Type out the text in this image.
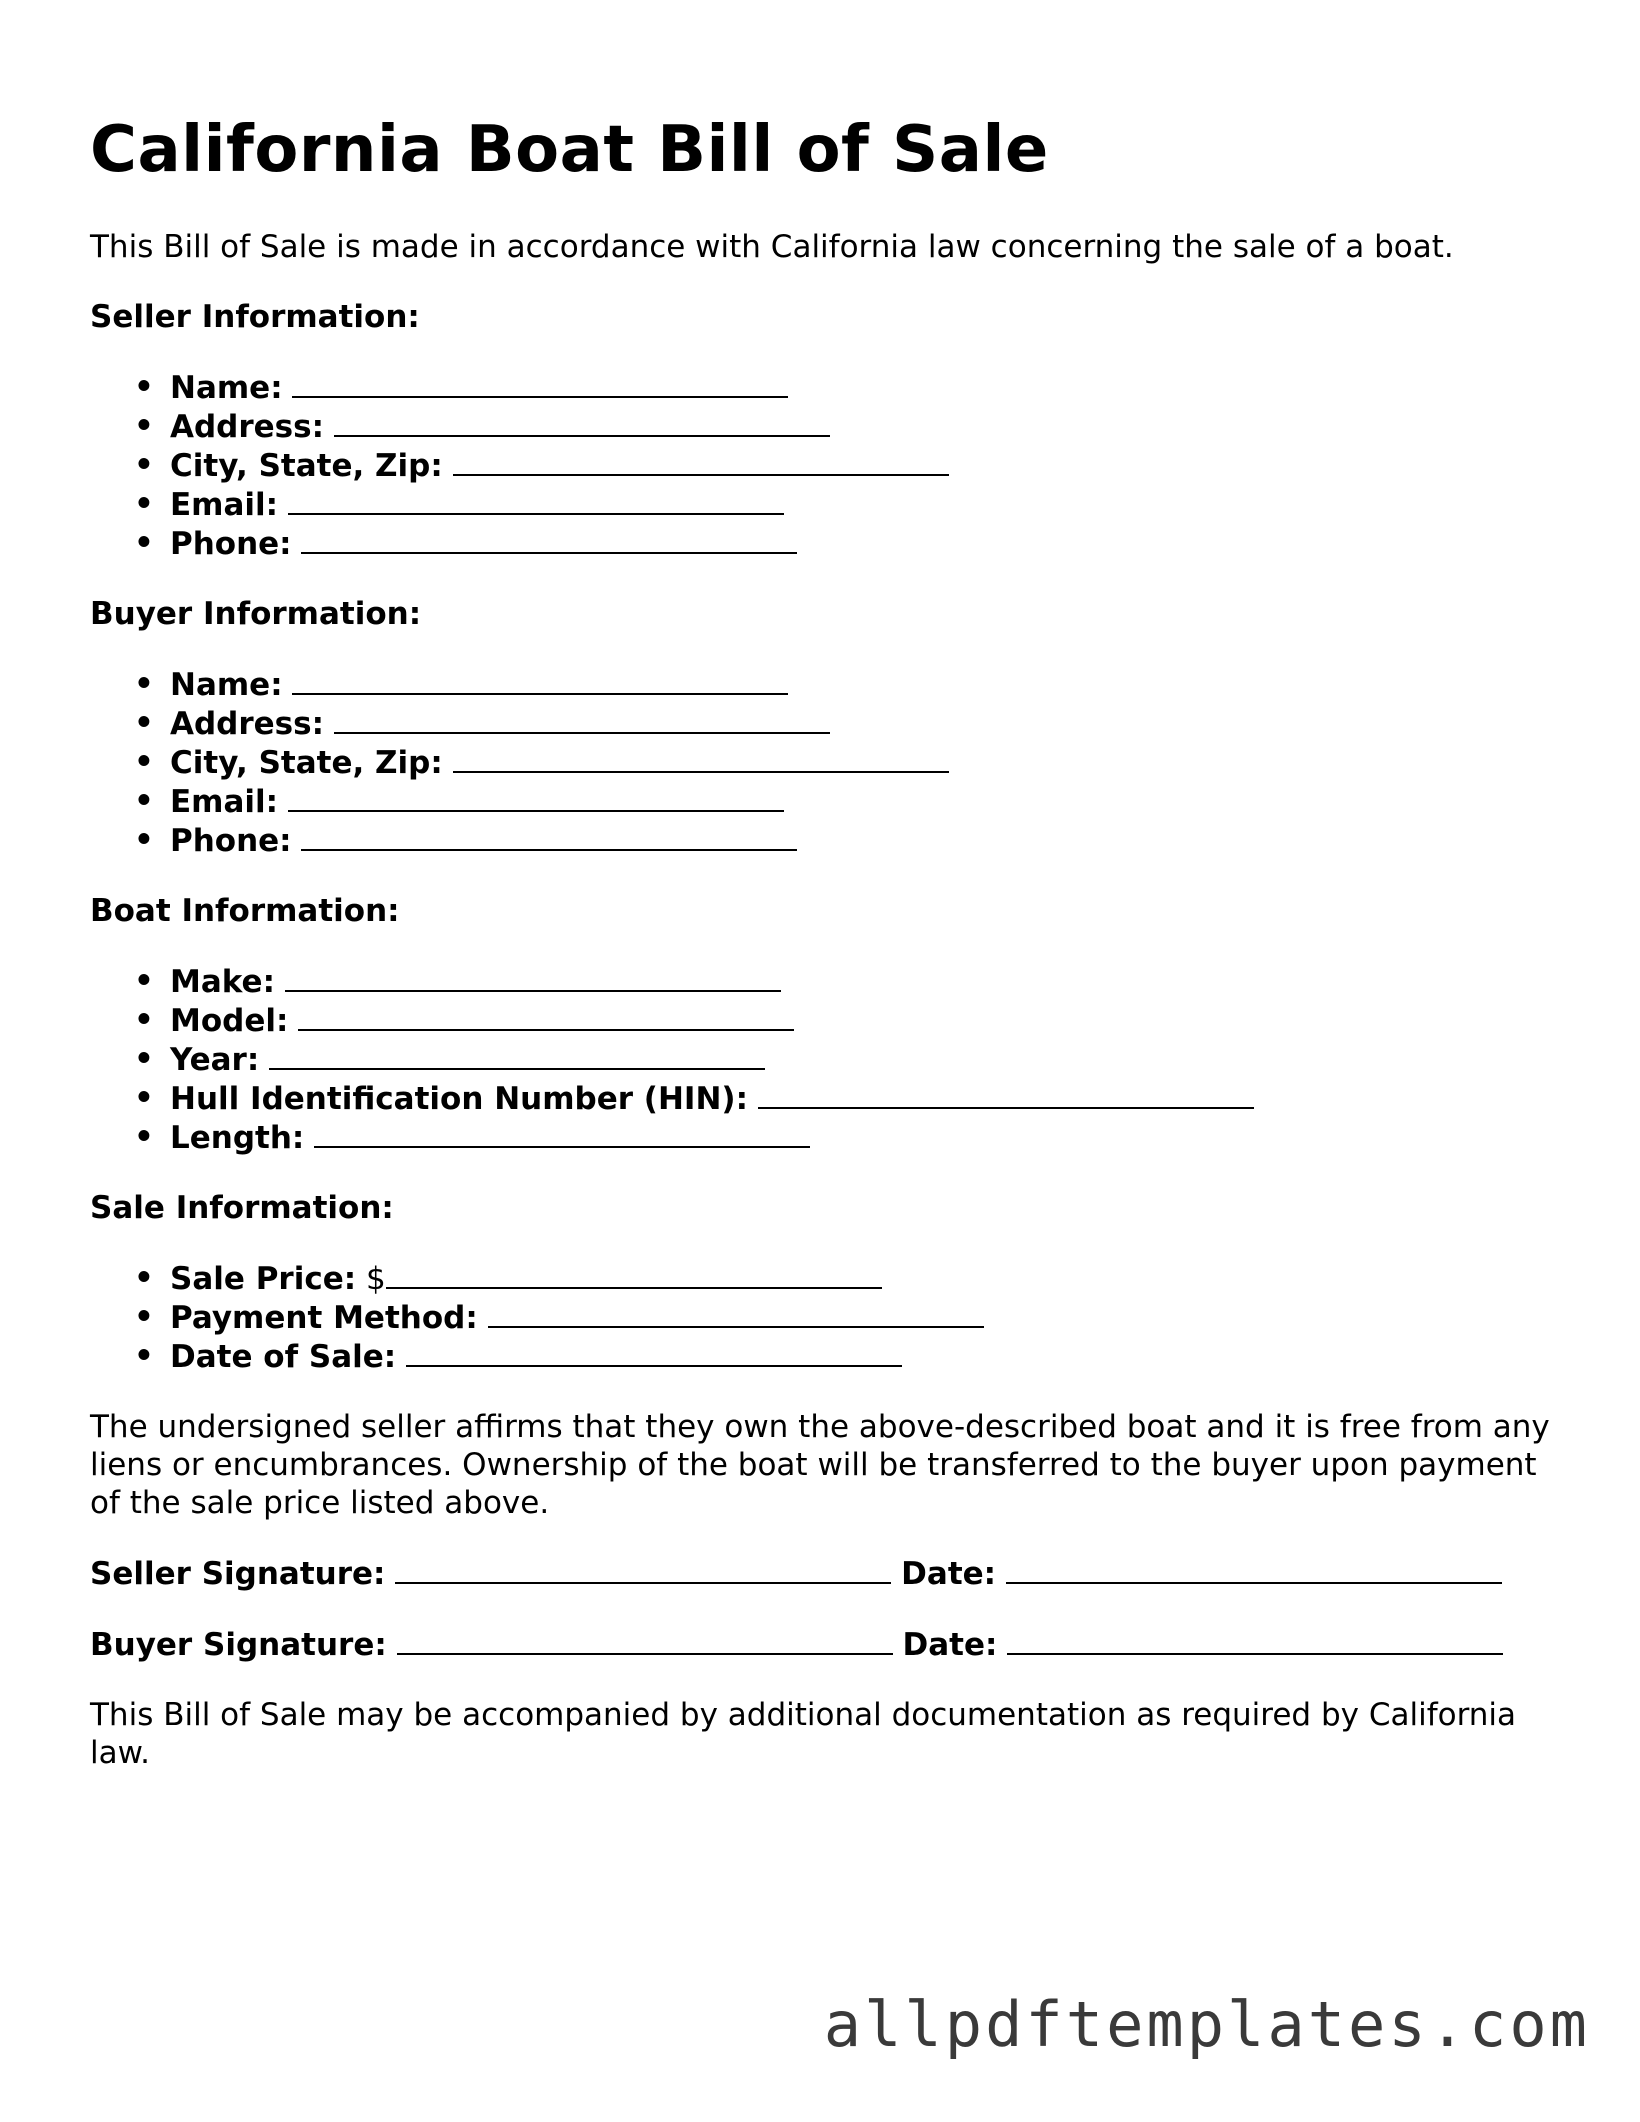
California Boat Bill of Sale

This Bill of Sale is made in accordance with California law concerning the sale of a boat.

Seller Information:
• Name:
• Address:
• City, State, Zip:
• Email:
• Phone:
Buyer Information:
• Name:
• Address:
• City, State, Zip:
• Email:
• Phone:
Boat Information:
• Make:
• Model:
• Year:
• Hull Identification Number (HIN):
• Length:
Sale Information:
• Sale Price: $
• Payment Method:
• Date of Sale:

The undersigned seller affirms that they own the above-described boat and it is free from any liens or encumbrances. Ownership of the boat will be transferred to the buyer upon payment of the sale price listed above.

Seller Signature:	Date:
Buyer Signature:	Date:

This Bill of Sale may be accompanied by additional documentation as required by California law.

allpdftemplates.com
